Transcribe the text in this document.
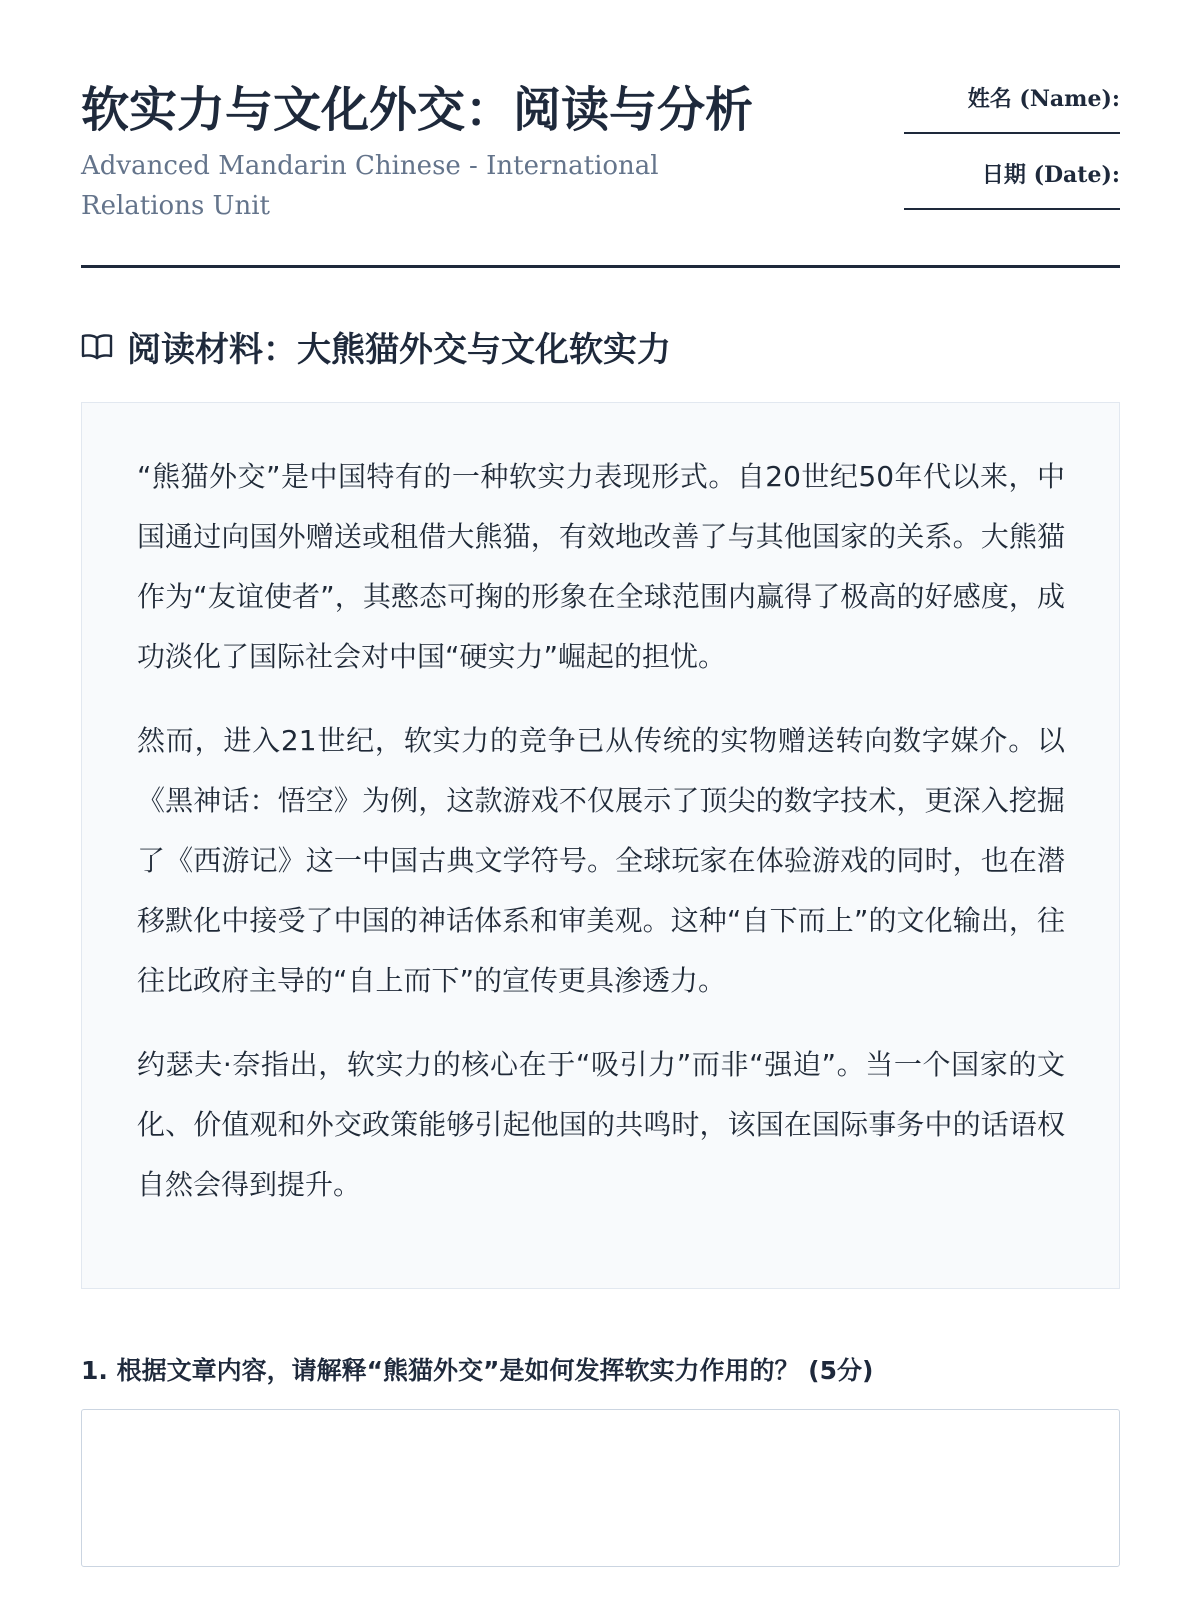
软实力与文化外交：阅读与分析
Advanced Mandarin Chinese - International Relations Unit
姓名 (Name):
日期 (Date):
阅读材料：大熊猫外交与文化软实力

“熊猫外交”是中国特有的一种软实力表现形式。自20世纪50年代以来，中国通过向国外赠送或租借大熊猫，有效地改善了与其他国家的关系。大熊猫作为“友谊使者”，其憨态可掬的形象在全球范围内赢得了极高的好感度，成功淡化了国际社会对中国“硬实力”崛起的担忧。

然而，进入21世纪，软实力的竞争已从传统的实物赠送转向数字媒介。以《黑神话：悟空》为例，这款游戏不仅展示了顶尖的数字技术，更深入挖掘了《西游记》这一中国古典文学符号。全球玩家在体验游戏的同时，也在潜移默化中接受了中国的神话体系和审美观。这种“自下而上”的文化输出，往往比政府主导的“自上而下”的宣传更具渗透力。

约瑟夫·奈指出，软实力的核心在于“吸引力”而非“强迫”。当一个国家的文化、价值观和外交政策能够引起他国的共鸣时，该国在国际事务中的话语权自然会得到提升。

1. 根据文章内容，请解释“熊猫外交”是如何发挥软实力作用的？ (5分)
